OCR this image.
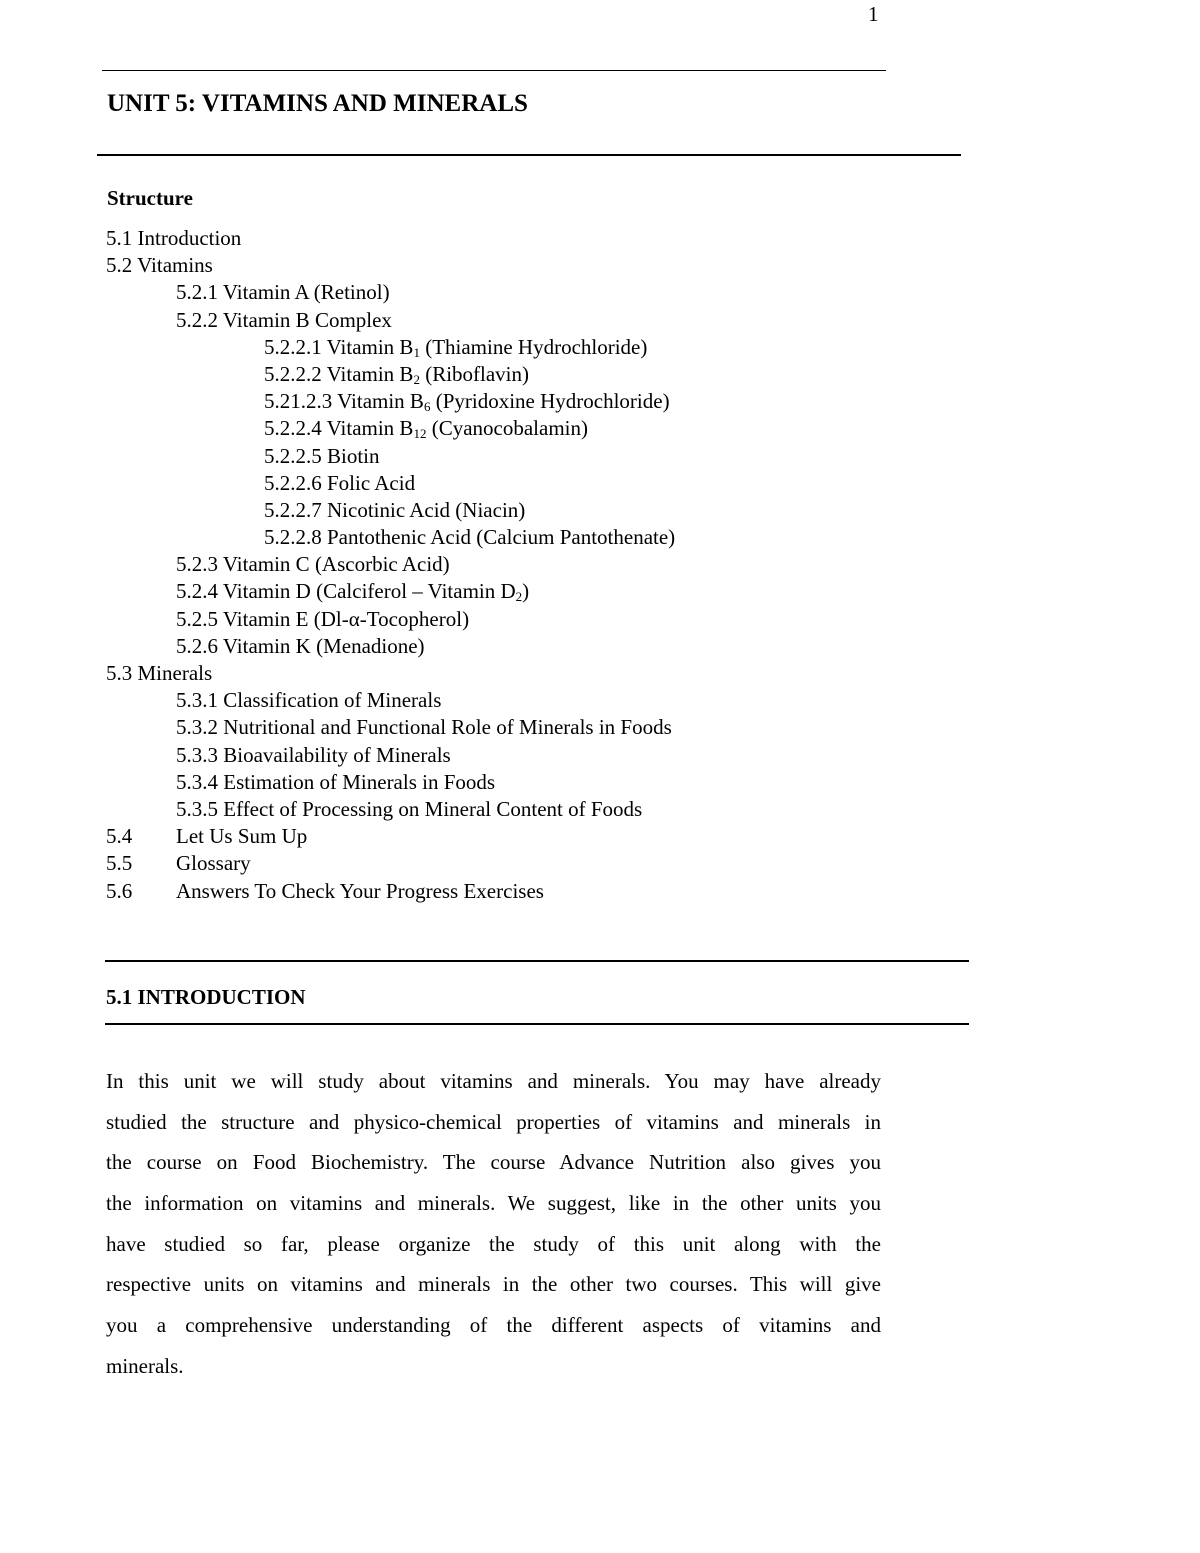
1
UNIT 5: VITAMINS AND MINERALS
Structure
5.1 Introduction
5.2 Vitamins
5.2.1 Vitamin A (Retinol)
5.2.2 Vitamin B Complex
5.2.2.1 Vitamin $B_1$ (Thiamine Hydrochloride)
5.2.2.2 Vitamin $B_2$ (Riboflavin)
5.21.2.3 Vitamin $B_6$ (Pyridoxine Hydrochloride)
5.2.2.4 Vitamin $B_{12}$ (Cyanocobalamin)
5.2.2.5 Biotin
5.2.2.6 Folic Acid
5.2.2.7 Nicotinic Acid (Niacin)
5.2.2.8 Pantothenic Acid (Calcium Pantothenate)
5.2.3 Vitamin C (Ascorbic Acid)
5.2.4 Vitamin D (Calciferol – Vitamin $D_2$)
5.2.5 Vitamin E (Dl-α-Tocopherol)
5.2.6 Vitamin K (Menadione)
5.3 Minerals
5.3.1 Classification of Minerals
5.3.2 Nutritional and Functional Role of Minerals in Foods
5.3.3 Bioavailability of Minerals
5.3.4 Estimation of Minerals in Foods
5.3.5 Effect of Processing on Mineral Content of Foods
5.4 Let Us Sum Up
5.5 Glossary
5.6 Answers To Check Your Progress Exercises
5.1 INTRODUCTION
In this unit we will study about vitamins and minerals. You may have already
studied the structure and physico-chemical properties of vitamins and minerals in
the course on Food Biochemistry. The course Advance Nutrition also gives you
the information on vitamins and minerals. We suggest, like in the other units you
have studied so far, please organize the study of this unit along with the
respective units on vitamins and minerals in the other two courses. This will give
you a comprehensive understanding of the different aspects of vitamins and
minerals.
